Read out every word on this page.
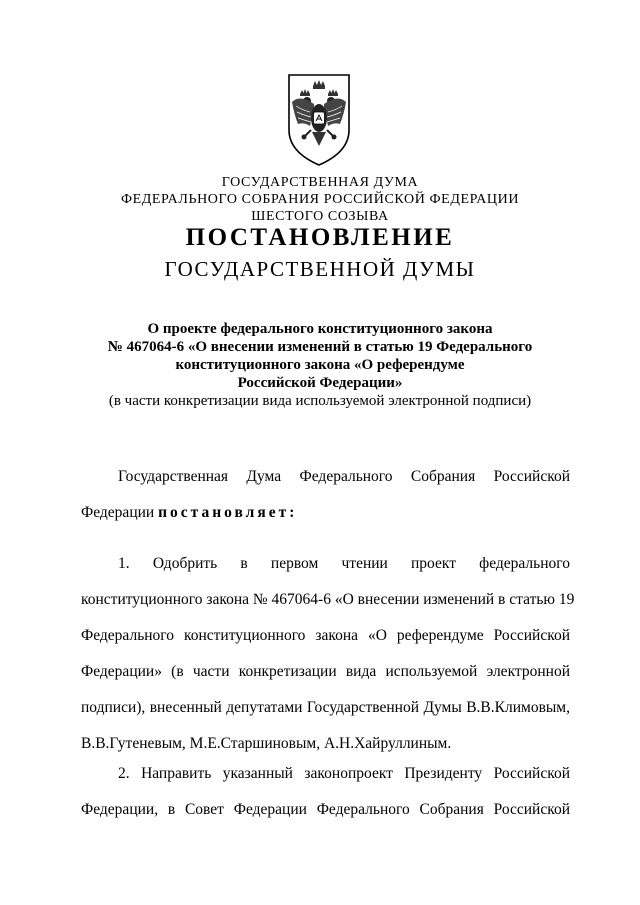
ГОСУДАРСТВЕННАЯ ДУМА
ФЕДЕРАЛЬНОГО СОБРАНИЯ РОССИЙСКОЙ ФЕДЕРАЦИИ
ШЕСТОГО СОЗЫВА
ПОСТАНОВЛЕНИЕ
ГОСУДАРСТВЕННОЙ ДУМЫ
О проекте федерального конституционного закона
№ 467064-6 «О внесении изменений в статью 19 Федерального
конституционного закона «О референдуме
Российской Федерации»
(в части конкретизации вида используемой электронной подписи)
Государственная Дума Федерального Собрания Российской
Федерации постановляет:
1. Одобрить в первом чтении проект федерального
конституционного закона № 467064-6 «О внесении изменений в статью 19
Федерального конституционного закона «О референдуме Российской
Федерации» (в части конкретизации вида используемой электронной
подписи), внесенный депутатами Государственной Думы В.В.Климовым,
В.В.Гутеневым, М.Е.Старшиновым, А.Н.Хайруллиным.
2. Направить указанный законопроект Президенту Российской
Федерации, в Совет Федерации Федерального Собрания Российской
